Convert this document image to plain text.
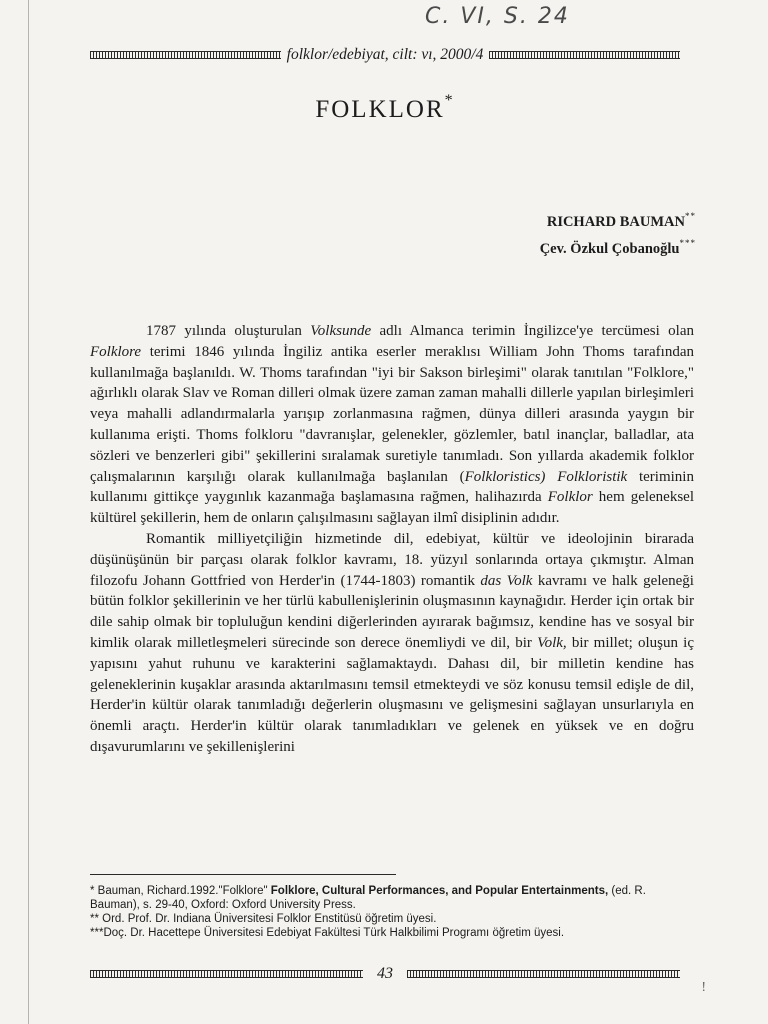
C. VI, S. 24
folklor/edebiyat, cilt: vı, 2000/4
FOLKLOR*
RICHARD BAUMAN**
Çev. Özkul Çobanoğlu***

1787 yılında oluşturulan Volksunde adlı Almanca terimin İngilizce'ye tercümesi olan Folklore terimi 1846 yılında İngiliz antika eserler meraklısı William John Thoms tarafından kullanılmağa başlanıldı. W. Thoms tarafından "iyi bir Sakson birleşimi" olarak tanıtılan "Folklore," ağırlıklı olarak Slav ve Roman dilleri olmak üzere zaman zaman mahalli dillerle yapılan birleşimleri veya mahalli adlandırmalarla yarışıp zorlanmasına rağmen, dünya dilleri arasında yaygın bir kullanıma erişti. Thoms folkloru "davranışlar, gelenekler, gözlemler, batıl inançlar, balladlar, ata sözleri ve benzerleri gibi" şekillerini sıralamak suretiyle tanımladı. Son yıllarda akademik folklor çalışmalarının karşılığı olarak kullanılmağa başlanılan (Folkloristics) Folkloristik teriminin kullanımı gittikçe yaygınlık kazanmağa başlamasına rağmen, halihazırda Folklor hem geleneksel kültürel şekillerin, hem de onların çalışılmasını sağlayan ilmî disiplinin adıdır.

Romantik milliyetçiliğin hizmetinde dil, edebiyat, kültür ve ideolojinin birarada düşünüşünün bir parçası olarak folklor kavramı, 18. yüzyıl sonlarında ortaya çıkmıştır. Alman filozofu Johann Gottfried von Herder'in (1744-1803) romantik das Volk kavramı ve halk geleneği bütün folklor şekillerinin ve her türlü kabullenişlerinin oluşmasının kaynağıdır. Herder için ortak bir dile sahip olmak bir topluluğun kendini diğerlerinden ayırarak bağımsız, kendine has ve sosyal bir kimlik olarak milletleşmeleri sürecinde son derece önemliydi ve dil, bir Volk, bir millet; oluşun iç yapısını yahut ruhunu ve karakterini sağlamaktaydı. Dahası dil, bir milletin kendine has geleneklerinin kuşaklar arasında aktarılmasını temsil etmekteydi ve söz konusu temsil edişle de dil, Herder'in kültür olarak tanımladığı değerlerin oluşmasını ve gelişmesini sağlayan unsurlarıyla en önemli araçtı. Herder'in kültür olarak tanımladıkları ve gelenek en yüksek ve en doğru dışavurumlarını ve şekillenişlerini

* Bauman, Richard.1992."Folklore" Folklore, Cultural Performances, and Popular Entertainments, (ed. R. Bauman), s. 29-40, Oxford: Oxford University Press.

** Ord. Prof. Dr. Indiana Üniversitesi Folklor Enstitüsü öğretim üyesi.

***Doç. Dr. Hacettepe Üniversitesi Edebiyat Fakültesi Türk Halkbilimi Programı öğretim üyesi.

43
!
